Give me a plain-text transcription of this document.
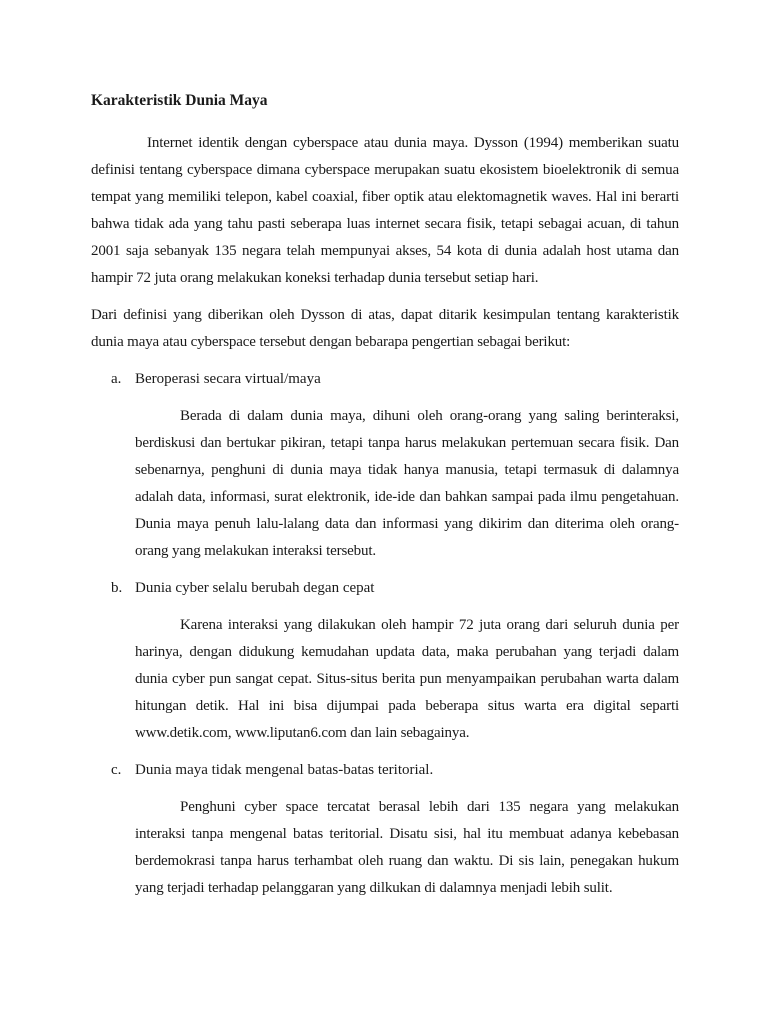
Karakteristik Dunia Maya

Internet identik dengan cyberspace atau dunia maya. Dysson (1994) memberikan suatu definisi tentang cyberspace dimana cyberspace merupakan suatu ekosistem bioelektronik di semua tempat yang memiliki telepon, kabel coaxial, fiber optik atau elektomagnetik waves. Hal ini berarti bahwa tidak ada yang tahu pasti seberapa luas internet secara fisik, tetapi sebagai acuan, di tahun 2001 saja sebanyak 135 negara telah mempunyai akses, 54 kota di dunia adalah host utama dan hampir 72 juta orang melakukan koneksi terhadap dunia tersebut setiap hari.

Dari definisi yang diberikan oleh Dysson di atas, dapat ditarik kesimpulan tentang karakteristik dunia maya atau cyberspace tersebut dengan bebarapa pengertian sebagai berikut:

a. Beroperasi secara virtual/maya

Berada di dalam dunia maya, dihuni oleh orang-orang yang saling berinteraksi, berdiskusi dan bertukar pikiran, tetapi tanpa harus melakukan pertemuan secara fisik. Dan sebenarnya, penghuni di dunia maya tidak hanya manusia, tetapi termasuk di dalamnya adalah data, informasi, surat elektronik, ide-ide dan bahkan sampai pada ilmu pengetahuan. Dunia maya penuh lalu-lalang data dan informasi yang dikirim dan diterima oleh orang-orang yang melakukan interaksi tersebut.

b. Dunia cyber selalu berubah degan cepat

Karena interaksi yang dilakukan oleh hampir 72 juta orang dari seluruh dunia per harinya, dengan didukung kemudahan updata data, maka perubahan yang terjadi dalam dunia cyber pun sangat cepat. Situs-situs berita pun menyampaikan perubahan warta dalam hitungan detik. Hal ini bisa dijumpai pada beberapa situs warta era digital separti www.detik.com, www.liputan6.com dan lain sebagainya.

c. Dunia maya tidak mengenal batas-batas teritorial.

Penghuni cyber space tercatat berasal lebih dari 135 negara yang melakukan interaksi tanpa mengenal batas teritorial. Disatu sisi, hal itu membuat adanya kebebasan berdemokrasi tanpa harus terhambat oleh ruang dan waktu. Di sis lain, penegakan hukum yang terjadi terhadap pelanggaran yang dilkukan di dalamnya menjadi lebih sulit.
